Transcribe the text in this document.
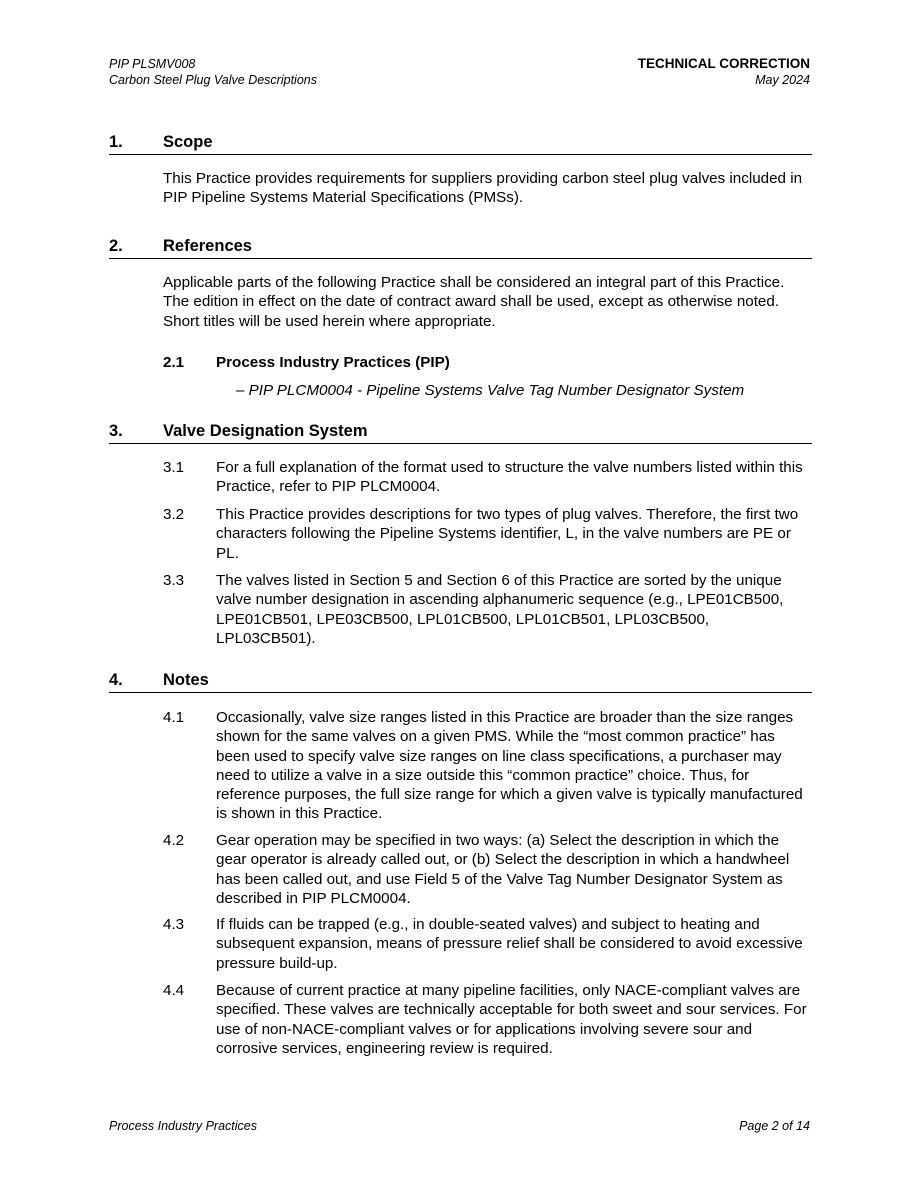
PIP PLSMV008
Carbon Steel Plug Valve Descriptions
TECHNICAL CORRECTION
May 2024
1. Scope
This Practice provides requirements for suppliers providing carbon steel plug valves included in PIP Pipeline Systems Material Specifications (PMSs).
2. References
Applicable parts of the following Practice shall be considered an integral part of this Practice. The edition in effect on the date of contract award shall be used, except as otherwise noted. Short titles will be used herein where appropriate.
2.1 Process Industry Practices (PIP)
– PIP PLCM0004 - Pipeline Systems Valve Tag Number Designator System
3. Valve Designation System
3.1 For a full explanation of the format used to structure the valve numbers listed within this Practice, refer to PIP PLCM0004.
3.2 This Practice provides descriptions for two types of plug valves. Therefore, the first two characters following the Pipeline Systems identifier, L, in the valve numbers are PE or PL.
3.3 The valves listed in Section 5 and Section 6 of this Practice are sorted by the unique valve number designation in ascending alphanumeric sequence (e.g., LPE01CB500, LPE01CB501, LPE03CB500, LPL01CB500, LPL01CB501, LPL03CB500, LPL03CB501).
4. Notes
4.1 Occasionally, valve size ranges listed in this Practice are broader than the size ranges shown for the same valves on a given PMS. While the “most common practice” has been used to specify valve size ranges on line class specifications, a purchaser may need to utilize a valve in a size outside this “common practice” choice. Thus, for reference purposes, the full size range for which a given valve is typically manufactured is shown in this Practice.
4.2 Gear operation may be specified in two ways: (a) Select the description in which the gear operator is already called out, or (b) Select the description in which a handwheel has been called out, and use Field 5 of the Valve Tag Number Designator System as described in PIP PLCM0004.
4.3 If fluids can be trapped (e.g., in double-seated valves) and subject to heating and subsequent expansion, means of pressure relief shall be considered to avoid excessive pressure build-up.
4.4 Because of current practice at many pipeline facilities, only NACE-compliant valves are specified. These valves are technically acceptable for both sweet and sour services. For use of non-NACE-compliant valves or for applications involving severe sour and corrosive services, engineering review is required.
Process Industry Practices	Page 2 of 14
